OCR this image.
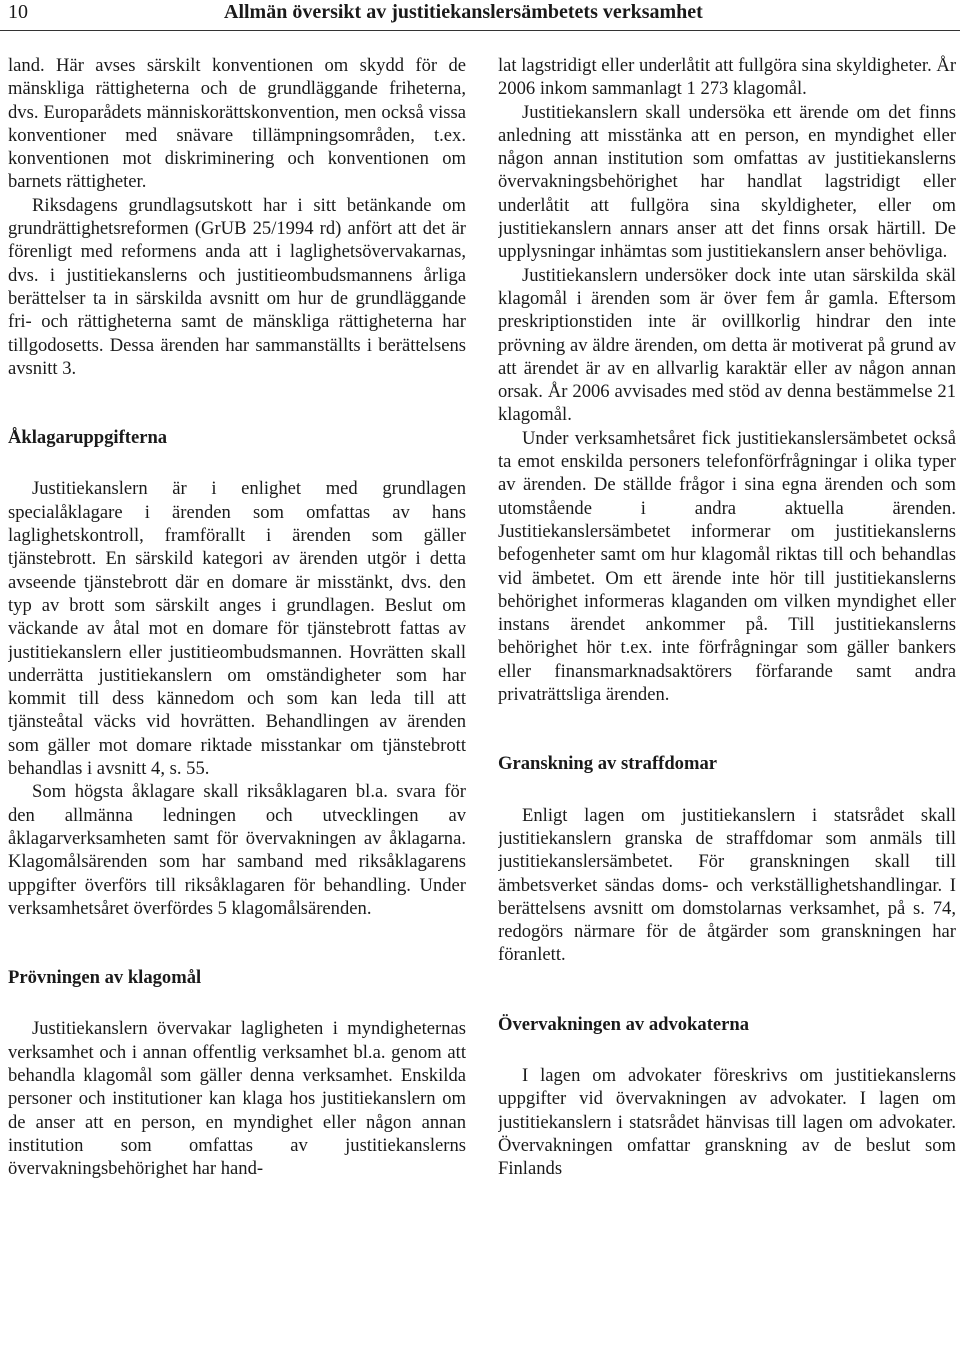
10	Allmän översikt av justitiekanslersämbetets verksamhet

land. Här avses särskilt konventionen om skydd för de mänskliga rättigheterna och de grundläggande friheterna, dvs. Europarådets människorättskonvention, men också vissa konventioner med snävare tillämpningsområden, t.ex. konventionen mot diskriminering och konventionen om barnets rättigheter.

Riksdagens grundlagsutskott har i sitt betänkande om grundrättighetsreformen (GrUB 25/1994 rd) anfört att det är förenligt med reformens anda att i laglighetsövervakarnas, dvs. i justitiekanslerns och justitieombudsmannens årliga berättelser ta in särskilda avsnitt om hur de grundläggande fri- och rättigheterna samt de mänskliga rättigheterna har tillgodosetts. Dessa ärenden har sammanställts i berättelsens avsnitt 3.

Åklagaruppgifterna

Justitiekanslern är i enlighet med grundlagen specialåklagare i ärenden som omfattas av hans laglighetskontroll, framförallt i ärenden som gäller tjänstebrott. En särskild kategori av ärenden utgör i detta avseende tjänstebrott där en domare är misstänkt, dvs. den typ av brott som särskilt anges i grundlagen. Beslut om väckande av åtal mot en domare för tjänstebrott fattas av justitiekanslern eller justitieombudsmannen. Hovrätten skall underrätta justitiekanslern om omständigheter som har kommit till dess kännedom och som kan leda till att tjänsteåtal väcks vid hovrätten. Behandlingen av ärenden som gäller mot domare riktade misstankar om tjänstebrott behandlas i avsnitt 4, s. 55.

Som högsta åklagare skall riksåklagaren bl.a. svara för den allmänna ledningen och utvecklingen av åklagarverksamheten samt för övervakningen av åklagarna. Klagomålsärenden som har samband med riksåklagarens uppgifter överförs till riksåklagaren för behandling. Under verksamhetsåret överfördes 5 klagomålsärenden.

Prövningen av klagomål

Justitiekanslern övervakar lagligheten i myndigheternas verksamhet och i annan offentlig verksamhet bl.a. genom att behandla klagomål som gäller denna verksamhet. Enskilda personer och institutioner kan klaga hos justitiekanslern om de anser att en person, en myndighet eller någon annan institution som omfattas av justitiekanslerns övervakningsbehörighet har hand-

lat lagstridigt eller underlåtit att fullgöra sina skyldigheter. År 2006 inkom sammanlagt 1 273 klagomål.

Justitiekanslern skall undersöka ett ärende om det finns anledning att misstänka att en person, en myndighet eller någon annan institution som omfattas av justitiekanslerns övervakningsbehörighet har handlat lagstridigt eller underlåtit att fullgöra sina skyldigheter, eller om justitiekanslern annars anser att det finns orsak härtill. De upplysningar inhämtas som justitiekanslern anser behövliga.

Justitiekanslern undersöker dock inte utan särskilda skäl klagomål i ärenden som är över fem år gamla. Eftersom preskriptionstiden inte är ovillkorlig hindrar den inte prövning av äldre ärenden, om detta är motiverat på grund av att ärendet är av en allvarlig karaktär eller av någon annan orsak. År 2006 avvisades med stöd av denna bestämmelse 21 klagomål.

Under verksamhetsåret fick justitiekanslersämbetet också ta emot enskilda personers telefonförfrågningar i olika typer av ärenden. De ställde frågor i sina egna ärenden och som utomstående i andra aktuella ärenden. Justitiekanslersämbetet informerar om justitiekanslerns befogenheter samt om hur klagomål riktas till och behandlas vid ämbetet. Om ett ärende inte hör till justitiekanslerns behörighet informeras klaganden om vilken myndighet eller instans ärendet ankommer på. Till justitiekanslerns behörighet hör t.ex. inte förfrågningar som gäller bankers eller finansmarknadsaktörers förfarande samt andra privaträttsliga ärenden.

Granskning av straffdomar

Enligt lagen om justitiekanslern i statsrådet skall justitiekanslern granska de straffdomar som anmäls till justitiekanslersämbetet. För granskningen skall till ämbetsverket sändas doms- och verkställighetshandlingar. I berättelsens avsnitt om domstolarnas verksamhet, på s. 74, redogörs närmare för de åtgärder som granskningen har föranlett.

Övervakningen av advokaterna

I lagen om advokater föreskrivs om justitiekanslerns uppgifter vid övervakningen av advokater. I lagen om justitiekanslern i statsrådet hänvisas till lagen om advokater. Övervakningen omfattar granskning av de beslut som Finlands
